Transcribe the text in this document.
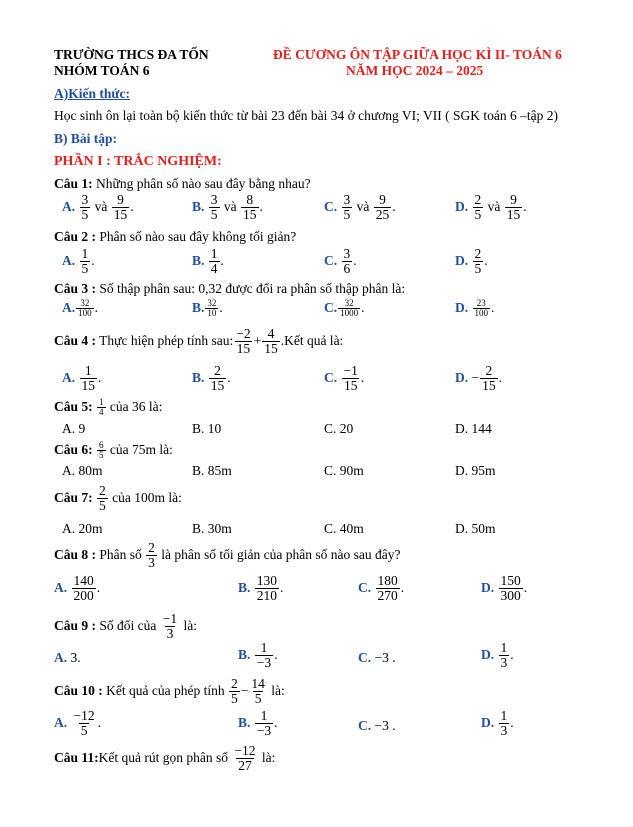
TRƯỜNG THCS ĐA TỐN
NHÓM TOÁN 6
ĐỀ CƯƠNG ÔN TẬP GIỮA HỌC KÌ II- TOÁN 6
NĂM HỌC 2024 – 2025
A)Kiến thức:
Học sinh ôn lại toàn bộ kiến thức từ bài 23 đến bài 34 ở chương VI; VII ( SGK toán 6 –tập 2)
B) Bài tập:
PHẦN I : TRẮC NGHIỆM:
Câu 1: Những phân số nào sau đây bằng nhau?
A. $\frac{3}{5}$ và $\frac{9}{15}$ .	B. $\frac{3}{5}$ và $\frac{8}{15}$ .	C. $\frac{3}{5}$ và $\frac{9}{25}$ .	D. $\frac{2}{5}$ và $\frac{9}{15}$ .
Câu 2 : Phân số nào sau đây không tối giản?
A. $\frac{1}{5}$ .	B. $\frac{1}{4}$ .	C. $\frac{3}{6}$ .	D. $\frac{2}{5}$ .
Câu 3 : Số thập phân sau: 0,32 được đổi ra phân số thập phân là:
A. $\frac{32}{100}$ .	B. $\frac{32}{10}$ .	C. $\frac{32}{1000}$ .	D. $\frac{23}{100}$ .
Câu 4 : Thực hiện phép tính sau: $\frac{-2}{15} + \frac{4}{15}$ .Kết quả là:
A. $\frac{1}{15}$ .	B. $\frac{2}{15}$ .	C. $\frac{-1}{15}$ .	D. − $\frac{2}{15}$ .
Câu 5: $\frac{1}{4}$ của 36 là:
A. 9	B. 10	C. 20	D. 144
Câu 6: $\frac{6}{5}$ của 75m là:
A. 80m	B. 85m	C. 90m	D. 95m
Câu 7: $\frac{2}{5}$ của 100m là:
A. 20m	B. 30m	C. 40m	D. 50m
Câu 8 : Phân số $\frac{2}{3}$ là phân số tối giản của phân số nào sau đây?
A. $\frac{140}{200}$ .	B. $\frac{130}{210}$ .	C. $\frac{180}{270}$ .	D. $\frac{150}{300}$ .
Câu 9 : Số đối của $\frac{-1}{3}$ là:
A. 3.	B. $\frac{1}{-3}$ .	C. −3 .	D. $\frac{1}{3}$ .
Câu 10 : Kết quả của phép tính $\frac{2}{5} - \frac{14}{5}$ là:
A. $\frac{-12}{5}$ .	B. $\frac{1}{-3}$ .	C. −3 .	D. $\frac{1}{3}$ .
Câu 11:Kết quả rút gọn phân số $\frac{-12}{27}$ là:
